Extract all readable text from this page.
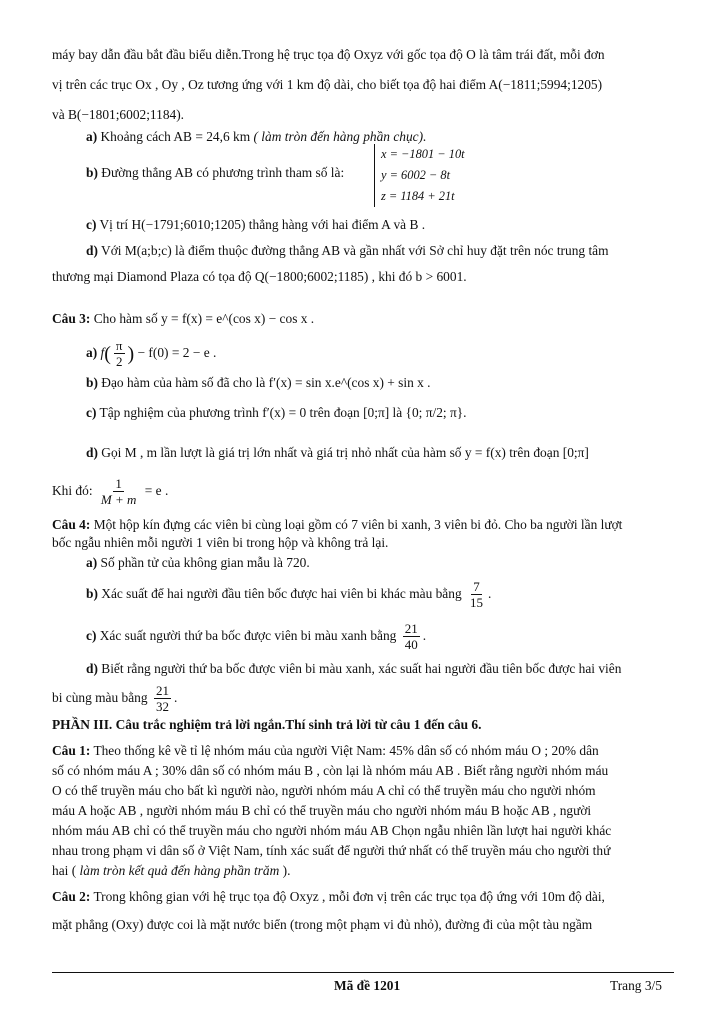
máy bay dẫn đầu bắt đầu biểu diễn.Trong hệ trục tọa độ Oxyz với gốc tọa độ O là tâm trái đất, mỗi đơn
vị trên các trục Ox , Oy , Oz tương ứng với 1 km độ dài, cho biết tọa độ hai điểm A(−1811;5994;1205)
và B(−1801;6002;1184).
a) Khoảng cách AB = 24,6 km ( làm tròn đến hàng phần chục).
b) Đường thẳng AB có phương trình tham số là:
x = −1801 − 10t
y = 6002 − 8t
z = 1184 + 21t
c) Vị trí H(−1791;6010;1205) thẳng hàng với hai điểm A và B .
d) Với M(a;b;c) là điểm thuộc đường thẳng AB và gần nhất với Sở chỉ huy đặt trên nóc trung tâm
thương mại Diamond Plaza có tọa độ Q(−1800;6002;1185) , khi đó b > 6001.
Câu 3: Cho hàm số y = f(x) = e^(cos x) − cos x .
a) $f( \frac{\pi}{2}$ ) − f(0) = 2 − e .
b) Đạo hàm của hàm số đã cho là f′(x) = sin x.e^(cos x) + sin x .
c) Tập nghiệm của phương trình f′(x) = 0 trên đoạn [0;π] là {0; π/2; π}.
d) Gọi M , m lần lượt là giá trị lớn nhất và giá trị nhỏ nhất của hàm số y = f(x) trên đoạn [0;π]
Khi đó: $\frac{1}{M + m} = e$ .
Câu 4: Một hộp kín đựng các viên bi cùng loại gồm có 7 viên bi xanh, 3 viên bi đỏ. Cho ba người lần lượt
bốc ngẫu nhiên mỗi người 1 viên bi trong hộp và không trả lại.
a) Số phần tử của không gian mẫu là 720.
b) Xác suất để hai người đầu tiên bốc được hai viên bi khác màu bằng $\frac{7}{15}$ .
c) Xác suất người thứ ba bốc được viên bi màu xanh bằng $\frac{21}{40}$ .
d) Biết rằng người thứ ba bốc được viên bi màu xanh, xác suất hai người đầu tiên bốc được hai viên
bi cùng màu bằng $\frac{21}{32}$ .
PHẦN III. Câu trắc nghiệm trả lời ngắn.Thí sinh trả lời từ câu 1 đến câu 6.
Câu 1: Theo thống kê về tỉ lệ nhóm máu của người Việt Nam: 45% dân số có nhóm máu O ; 20% dân
số có nhóm máu A ; 30% dân số có nhóm máu B , còn lại là nhóm máu AB . Biết rằng người nhóm máu
O có thể truyền máu cho bất kì người nào, người nhóm máu A chỉ có thể truyền máu cho người nhóm
máu A hoặc AB , người nhóm máu B chỉ có thể truyền máu cho người nhóm máu B hoặc AB , người
nhóm máu AB chỉ có thể truyền máu cho người nhóm máu AB Chọn ngẫu nhiên lần lượt hai người khác
nhau trong phạm vi dân số ở Việt Nam, tính xác suất để người thứ nhất có thể truyền máu cho người thứ
hai ( làm tròn kết quả đến hàng phần trăm ).
Câu 2: Trong không gian với hệ trục tọa độ Oxyz , mỗi đơn vị trên các trục tọa độ ứng với 10m độ dài,
mặt phẳng (Oxy) được coi là mặt nước biển (trong một phạm vi đủ nhỏ), đường đi của một tàu ngầm
Mã đề 1201	Trang 3/5
